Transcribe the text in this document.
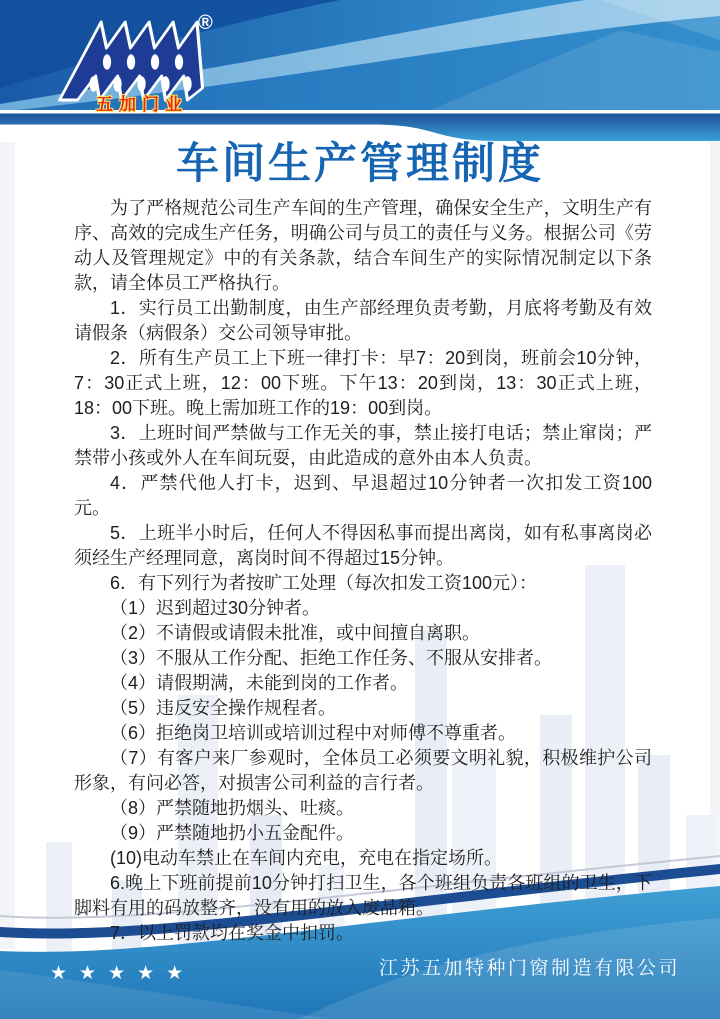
®
五加门业
车间生产管理制度

为了严格规范公司生产车间的生产管理，确保安全生产，文明生产有序、高效的完成生产任务，明确公司与员工的责任与义务。根据公司《劳动人及管理规定》中的有关条款，结合车间生产的实际情况制定以下条款，请全体员工严格执行。

1．实行员工出勤制度，由生产部经理负责考勤，月底将考勤及有效请假条（病假条）交公司领导审批。

2．所有生产员工上下班一律打卡：早7：20到岗，班前会10分钟，7：30正式上班，12：00下班。下午13：20到岗，13：30正式上班，18：00下班。晚上需加班工作的19：00到岗。

3．上班时间严禁做与工作无关的事，禁止接打电话；禁止窜岗；严禁带小孩或外人在车间玩耍，由此造成的意外由本人负责。

4．严禁代他人打卡，迟到、早退超过10分钟者一次扣发工资100元。

5．上班半小时后，任何人不得因私事而提出离岗，如有私事离岗必须经生产经理同意，离岗时间不得超过15分钟。

6．有下列行为者按旷工处理（每次扣发工资100元）：

（1）迟到超过30分钟者。

（2）不请假或请假未批准，或中间擅自离职。

（3）不服从工作分配、拒绝工作任务、不服从安排者。

（4）请假期满，未能到岗的工作者。

（5）违反安全操作规程者。

（6）拒绝岗卫培训或培训过程中对师傅不尊重者。

（7）有客户来厂参观时，全体员工必须要文明礼貌，积极维护公司形象，有问必答，对损害公司利益的言行者。

（8）严禁随地扔烟头、吐痰。

（9）严禁随地扔小五金配件。

(10)电动车禁止在车间内充电，充电在指定场所。

6.晚上下班前提前10分钟打扫卫生，各个班组负责各班组的卫生，下脚料有用的码放整齐，没有用的放入废品箱。

7．以上罚款均在奖金中扣罚。

★★★★★	江苏五加特种门窗制造有限公司
